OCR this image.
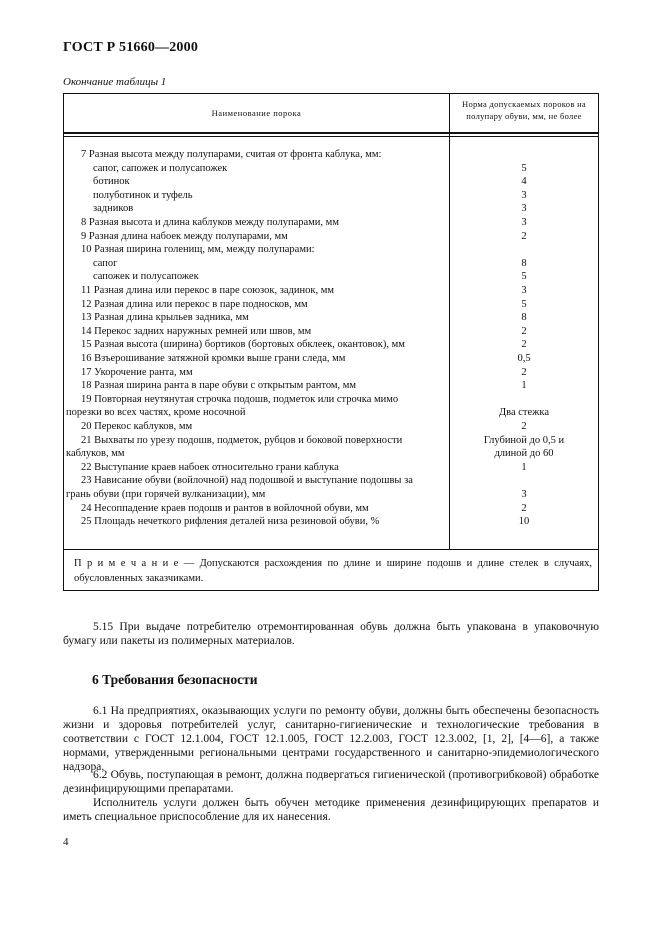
ГОСТ Р 51660—2000
Окончание таблицы 1
Наименование порока
Норма допускаемых пороков на полупару обуви, мм, не более
7 Разная высота между полупарами, считая от фронта каблука, мм:
сапог, сапожек и полусапожек	5
ботинок	4
полуботинок и туфель	3
задников	3
8 Разная высота и длина каблуков между полупарами, мм	3
9 Разная длина набоек между полупарами, мм	2
10 Разная ширина голенищ, мм, между полупарами:
сапог	8
сапожек и полусапожек	5
11 Разная длина или перекос в паре союзок, задинок, мм	3
12 Разная длина или перекос в паре подносков, мм	5
13 Разная длина крыльев задника, мм	8
14 Перекос задних наружных ремней или швов, мм	2
15 Разная высота (ширина) бортиков (бортовых обклеек, окантовок), мм	2
16 Взъерошивание затяжной кромки выше грани следа, мм	0,5
17 Укорочение ранта, мм	2
18 Разная ширина ранта в паре обуви с открытым рантом, мм	1
19 Повторная неутянутая строчка подошв, подметок или строчка мимо
порезки во всех частях, кроме носочной	Два стежка
20 Перекос каблуков, мм	2
21 Выхваты по урезу подошв, подметок, рубцов и боковой поверхности	Глубиной до 0,5 и
каблуков, мм	длиной до 60
22 Выступание краев набоек относительно грани каблука	1
23 Нависание обуви (войлочной) над подошвой и выступание подошвы за
грань обуви (при горячей вулканизации), мм	3
24 Несоппадение краев подошв и рантов в войлочной обуви, мм	2
25 Площадь нечеткого рифления деталей низа резиновой обуви, %	10
П р и м е ч а н и е — Допускаются расхождения по длине и ширине подошв и длине стелек в случаях, обусловленных заказчиками.
5.15 При выдаче потребителю отремонтированная обувь должна быть упакована в упаковочную бумагу или пакеты из полимерных материалов.
6 Требования безопасности
6.1 На предприятиях, оказывающих услуги по ремонту обуви, должны быть обеспечены безопасность жизни и здоровья потребителей услуг, санитарно-гигиенические и технологические требования в соответствии с ГОСТ 12.1.004, ГОСТ 12.1.005, ГОСТ 12.2.003, ГОСТ 12.3.002, [1, 2], [4—6], а также нормами, утвержденными региональными центрами государственного и санитарно-эпидемиологического надзора.
6.2 Обувь, поступающая в ремонт, должна подвергаться гигиенической (противогрибковой) обработке дезинфицирующими препаратами.
Исполнитель услуги должен быть обучен методике применения дезинфицирующих препаратов и иметь специальное приспособление для их нанесения.
4
